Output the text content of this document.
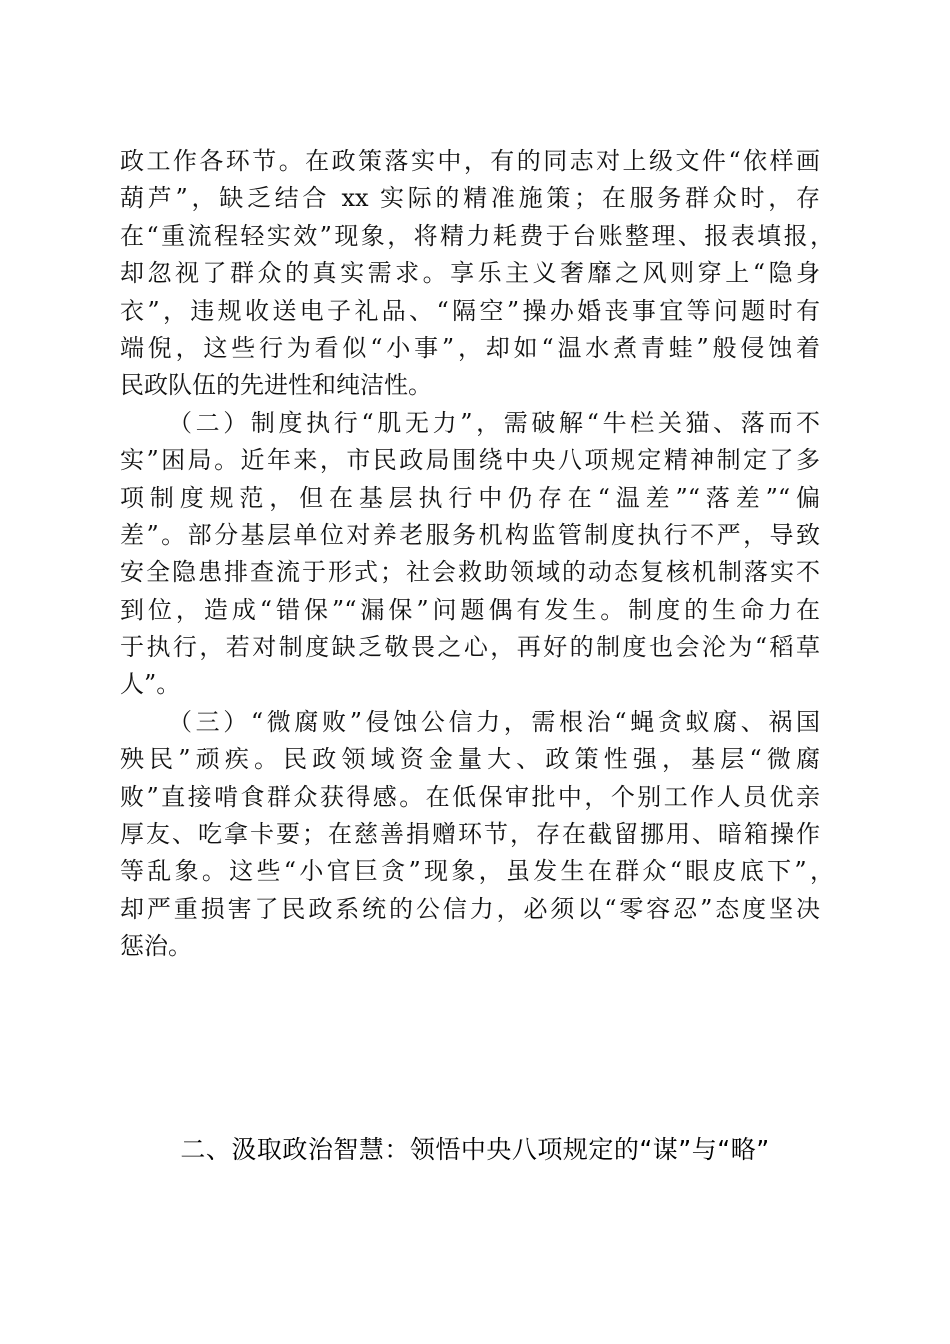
政工作各环节。在政策落实中，有的同志对上级文件“依样画
葫芦”，缺乏结合 xx 实际的精准施策；在服务群众时，存
在“重流程轻实效”现象，将精力耗费于台账整理、报表填报，
却忽视了群众的真实需求。享乐主义奢靡之风则穿上“隐身
衣”，违规收送电子礼品、“隔空”操办婚丧事宜等问题时有
端倪，这些行为看似“小事”，却如“温水煮青蛙”般侵蚀着
民政队伍的先进性和纯洁性。
（二）制度执行“肌无力”，需破解“牛栏关猫、落而不
实”困局。近年来，市民政局围绕中央八项规定精神制定了多
项制度规范，但在基层执行中仍存在“温差”“落差”“偏
差”。部分基层单位对养老服务机构监管制度执行不严，导致
安全隐患排查流于形式；社会救助领域的动态复核机制落实不
到位，造成“错保”“漏保”问题偶有发生。制度的生命力在
于执行，若对制度缺乏敬畏之心，再好的制度也会沦为“稻草
人”。
（三）“微腐败”侵蚀公信力，需根治“蝇贪蚁腐、祸国
殃民”顽疾。民政领域资金量大、政策性强，基层“微腐
败”直接啃食群众获得感。在低保审批中，个别工作人员优亲
厚友、吃拿卡要；在慈善捐赠环节，存在截留挪用、暗箱操作
等乱象。这些“小官巨贪”现象，虽发生在群众“眼皮底下”，
却严重损害了民政系统的公信力，必须以“零容忍”态度坚决
惩治。
二、汲取政治智慧：领悟中央八项规定的“谋”与“略”
